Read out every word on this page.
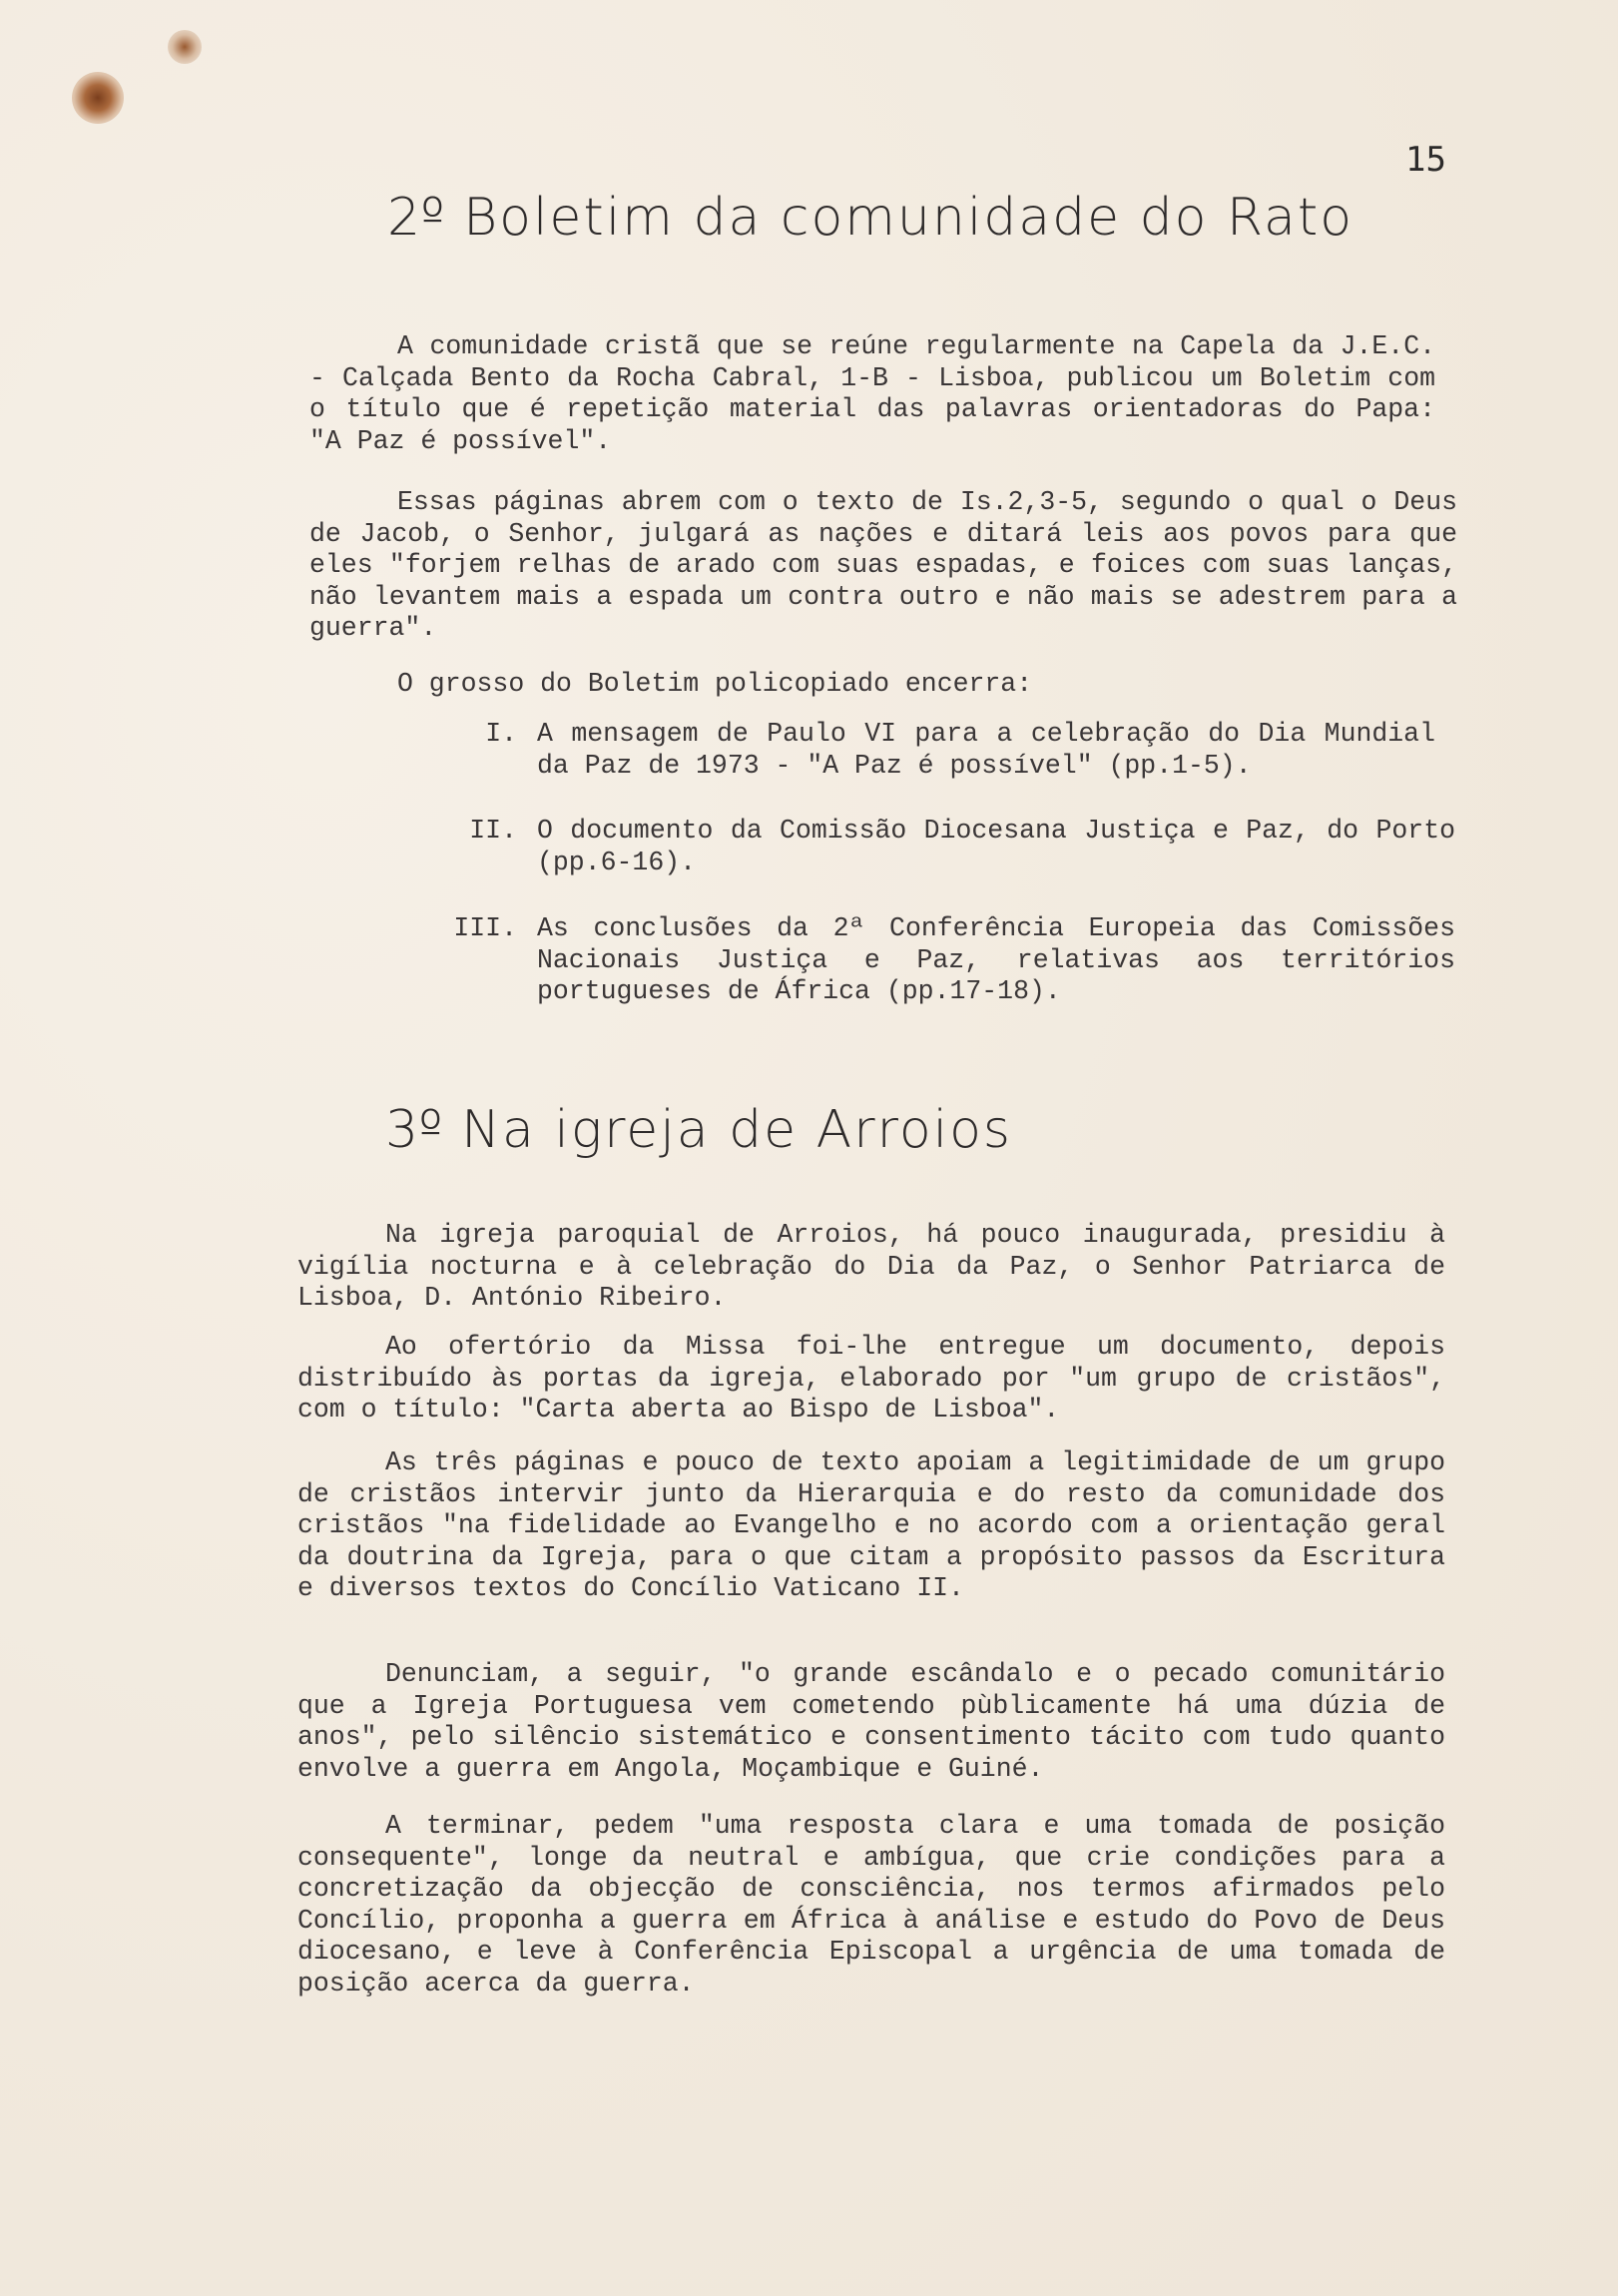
15
2º Boletim da comunidade do Rato

A comunidade cristã que se reúne regularmente na Capela da J.E.C. - Calçada Bento da Rocha Cabral, 1-B - Lisboa, publicou um Boletim com o título que é repetição material das palavras orientadoras do Papa: "A Paz é possível".

Essas páginas abrem com o texto de Is.2,3-5, segundo o qual o Deus de Jacob, o Senhor, julgará as nações e ditará leis aos povos para que eles "forjem relhas de arado com suas espadas, e foices com suas lanças, não levantem mais a espada um contra outro e não mais se adestrem para a guerra".

O grosso do Boletim policopiado encerra:

I. A mensagem de Paulo VI para a celebração do Dia Mundial da Paz de 1973 - "A Paz é possível" (pp.1-5).

II. O documento da Comissão Diocesana Justiça e Paz, do Porto (pp.6-16).

III. As conclusões da 2ª Conferência Europeia das Comissões Nacionais Justiça e Paz, relativas aos territórios portugueses de África (pp.17-18).

3º Na igreja de Arroios

Na igreja paroquial de Arroios, há pouco inaugurada, presidiu à vigília nocturna e à celebração do Dia da Paz, o Senhor Patriarca de Lisboa, D. António Ribeiro.

Ao ofertório da Missa foi-lhe entregue um documento, depois distribuído às portas da igreja, elaborado por "um grupo de cristãos", com o título: "Carta aberta ao Bispo de Lisboa".

As três páginas e pouco de texto apoiam a legitimidade de um grupo de cristãos intervir junto da Hierarquia e do resto da comunidade dos cristãos "na fidelidade ao Evangelho e no acordo com a orientação geral da doutrina da Igreja, para o que citam a propósito passos da Escritura e diversos textos do Concílio Vaticano II.

Denunciam, a seguir, "o grande escândalo e o pecado comunitário que a Igreja Portuguesa vem cometendo pùblicamente há uma dúzia de anos", pelo silêncio sistemático e consentimento tácito com tudo quanto envolve a guerra em Angola, Moçambique e Guiné.

A terminar, pedem "uma resposta clara e uma tomada de posição consequente", longe da neutral e ambígua, que crie condições para a concretização da objecção de consciência, nos termos afirmados pelo Concílio, proponha a guerra em África à análise e estudo do Povo de Deus diocesano, e leve à Conferência Episcopal a urgência de uma tomada de posição acerca da guerra.
